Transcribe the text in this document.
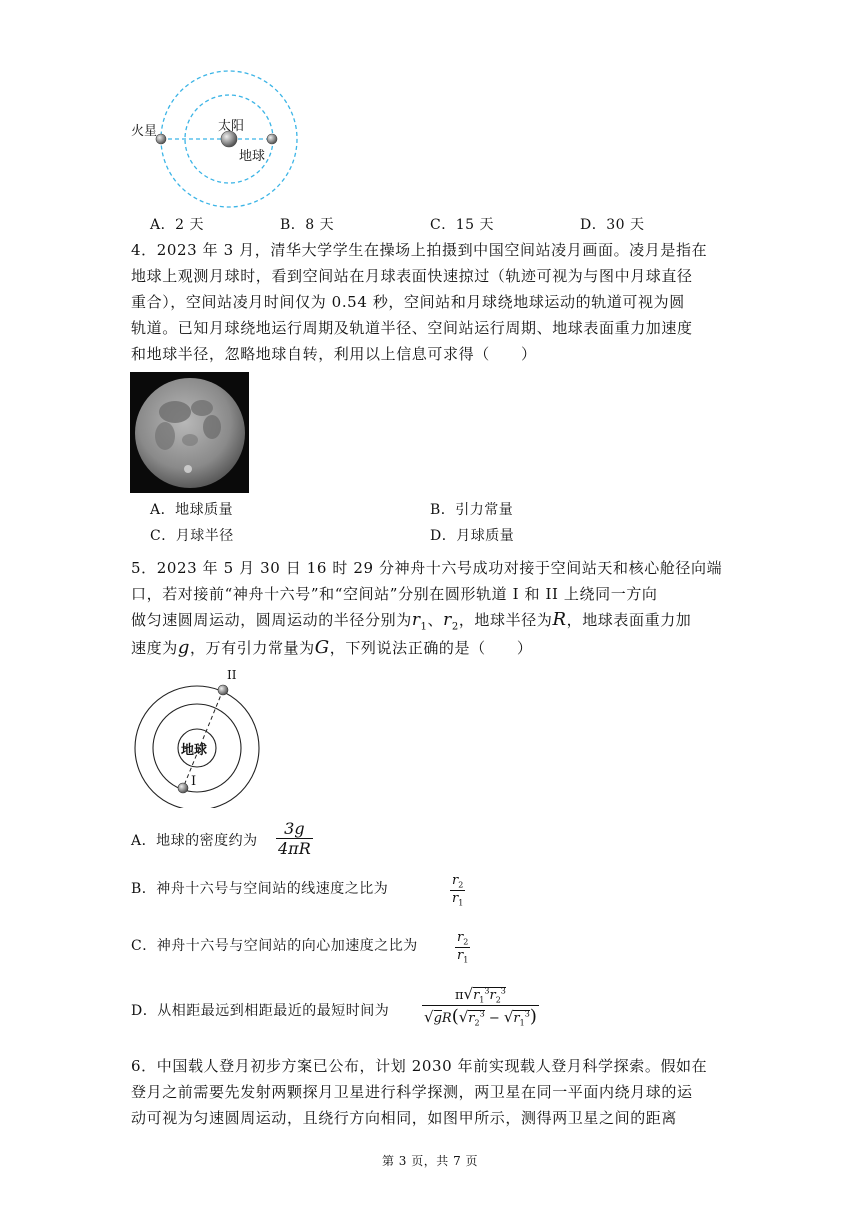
火星	太阳
地球
A．2 天	B．8 天	C．15 天	D．30 天
4．2023 年 3 月，清华大学学生在操场上拍摄到中国空间站凌月画面。凌月是指在
地球上观测月球时，看到空间站在月球表面快速掠过（轨迹可视为与图中月球直径
重合），空间站凌月时间仅为 0.54 秒，空间站和月球绕地球运动的轨道可视为圆
轨道。已知月球绕地运行周期及轨道半径、空间站运行周期、地球表面重力加速度
和地球半径，忽略地球自转，利用以上信息可求得（　　）
A．地球质量	B．引力常量
C．月球半径	D．月球质量
5．2023 年 5 月 30 日 16 时 29 分神舟十六号成功对接于空间站天和核心舱径向端
口，若对接前“神舟十六号”和“空间站”分别在圆形轨道 I 和 II 上绕同一方向
做匀速圆周运动，圆周运动的半径分别为$r_1$、$r_2$，地球半径为R，地球表面重力加
速度为g，万有引力常量为G，下列说法正确的是（　　）
地球
I
II
A．地球的密度约为 $\frac{3g}{4\pi R}$
B．神舟十六号与空间站的线速度之比为	$\frac{r_2}{r_1}$
C．神舟十六号与空间站的向心加速度之比为	$\frac{r_2}{r_1}$
D．从相距最远到相距最近的最短时间为	$\frac{\pi√r_1^3r_2^3}{√gR(√r_2^3 - √r_1^3)}$
6．中国载人登月初步方案已公布，计划 2030 年前实现载人登月科学探索。假如在
登月之前需要先发射两颗探月卫星进行科学探测，两卫星在同一平面内绕月球的运
动可视为匀速圆周运动，且绕行方向相同，如图甲所示，测得两卫星之间的距离
第 3 页，共 7 页
